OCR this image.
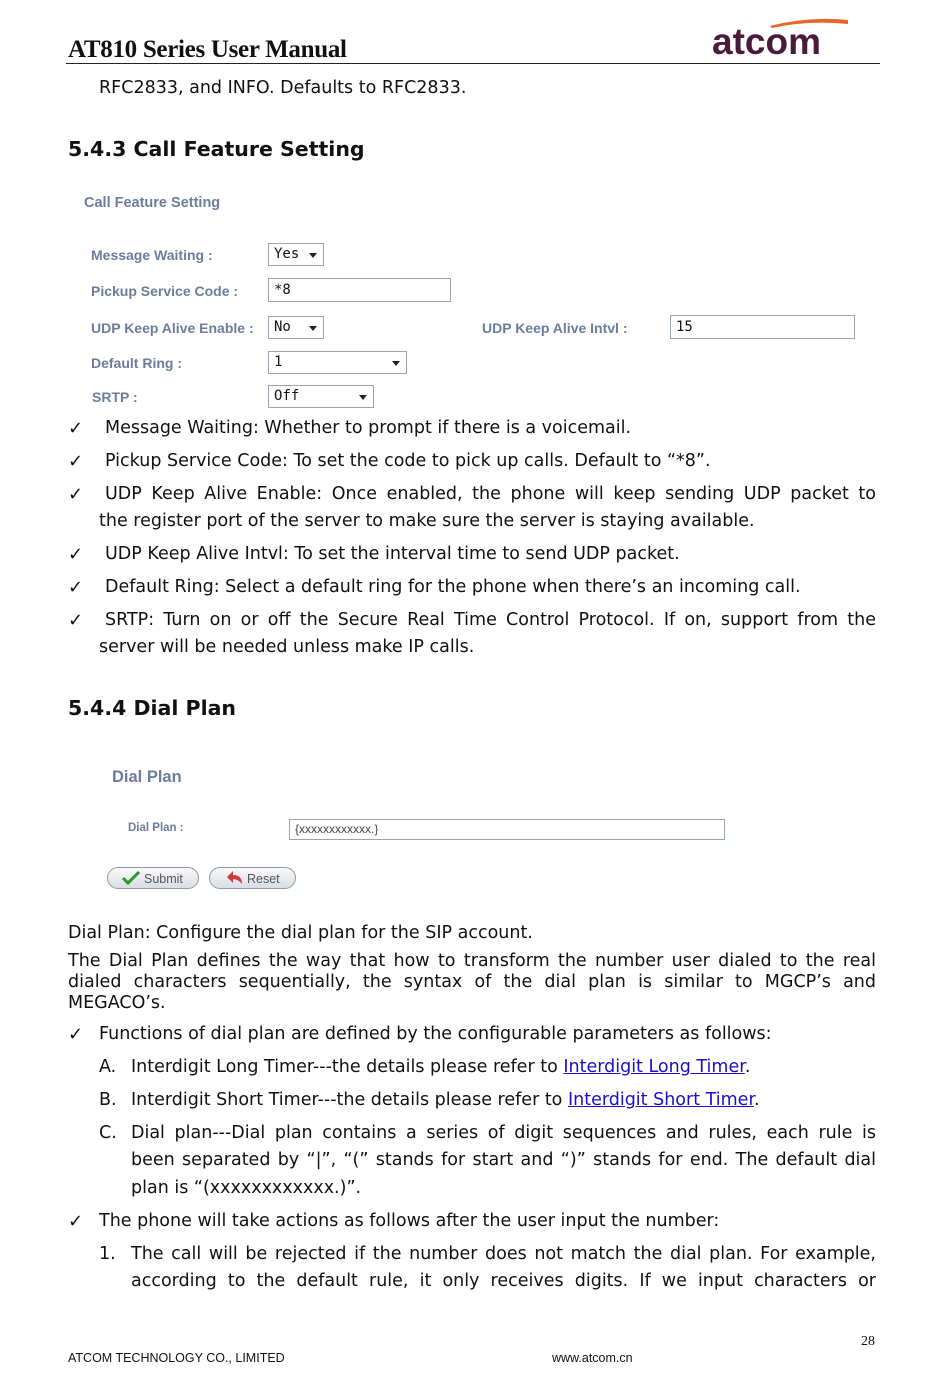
AT810 Series User Manual	atcom
RFC2833, and INFO. Defaults to RFC2833.
5.4.3 Call Feature Setting
Call Feature Setting
Message Waiting :	Yes
Pickup Service Code :	*8
UDP Keep Alive Enable :	No	UDP Keep Alive Intvl :	15
Default Ring :	1
SRTP :	Off
✓ Message Waiting: Whether to prompt if there is a voicemail.
✓ Pickup Service Code: To set the code to pick up calls. Default to “*8”.
✓ UDP Keep Alive Enable: Once enabled, the phone will keep sending UDP packet to
the register port of the server to make sure the server is staying available.
✓ UDP Keep Alive Intvl: To set the interval time to send UDP packet.
✓ Default Ring: Select a default ring for the phone when there’s an incoming call.
✓ SRTP: Turn on or off the Secure Real Time Control Protocol. If on, support from the
server will be needed unless make IP calls.
5.4.4 Dial Plan
Dial Plan
Dial Plan :	{xxxxxxxxxxxx.}
Submit	Reset
Dial Plan: Configure the dial plan for the SIP account.
The Dial Plan defines the way that how to transform the number user dialed to the real
dialed characters sequentially, the syntax of the dial plan is similar to MGCP’s and
MEGACO’s.
✓ Functions of dial plan are defined by the configurable parameters as follows:
A. Interdigit Long Timer---the details please refer to Interdigit Long Timer.
B. Interdigit Short Timer---the details please refer to Interdigit Short Timer.
C. Dial plan---Dial plan contains a series of digit sequences and rules, each rule is
been separated by “|”, “(” stands for start and “)” stands for end. The default dial
plan is “(xxxxxxxxxxxx.)”.
✓ The phone will take actions as follows after the user input the number:
1. The call will be rejected if the number does not match the dial plan. For example,
according to the default rule, it only receives digits. If we input characters or
28
ATCOM TECHNOLOGY CO., LIMITED	www.atcom.cn
